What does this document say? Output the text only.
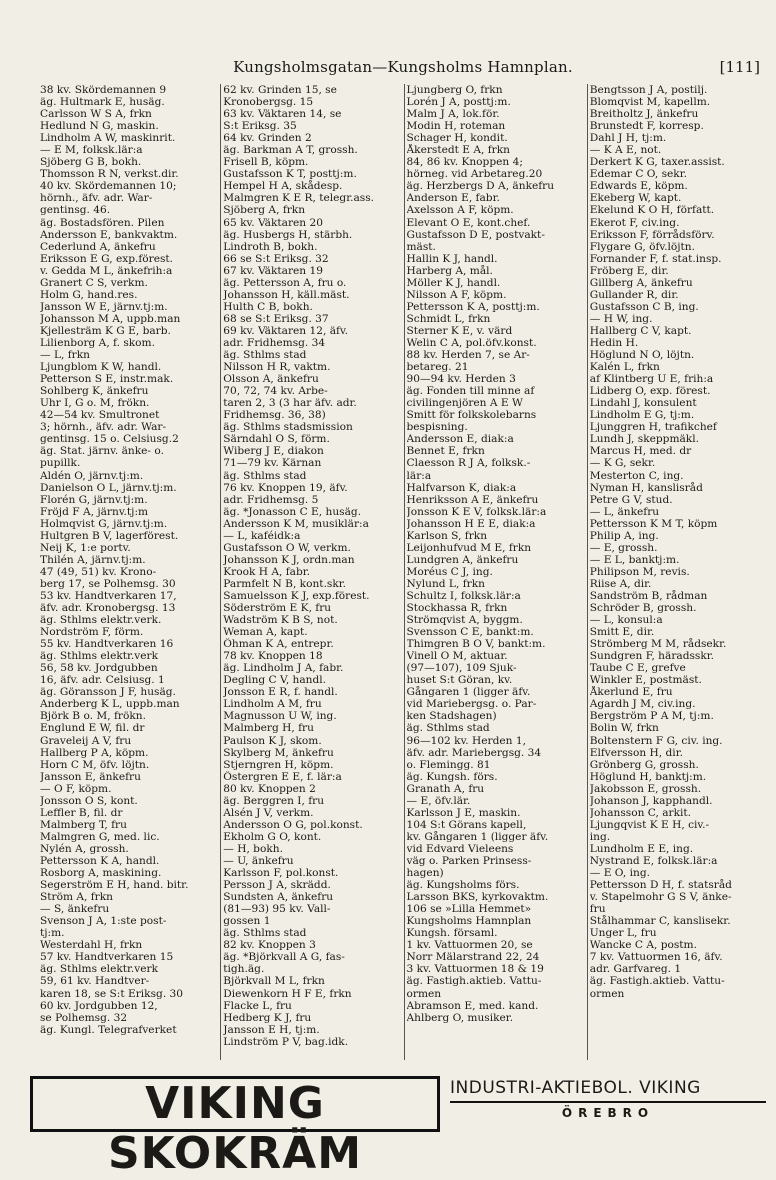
Kungsholmsgatan—Kungsholms Hamnplan.	[111]
38 kv. Skördemannen 9
äg. Hultmark E, husäg.
Carlsson W S A, frkn
Hedlund N G, maskin.
Lindholm A W, maskinrit.
— E M, folksk.lär:a
Sjöberg G B, bokh.
Thomsson R N, verkst.dir.
40 kv. Skördemannen 10;
hörnh., äfv. adr. War-
gentinsg. 46.
äg. Bostadsfören. Pilen
Andersson E, bankvaktm.
Cederlund A, änkefru
Eriksson E G, exp.förest.
v. Gedda M L, änkefrih:a
Granert C S, verkm.
Holm G, hand.res.
Jansson W E, järnv.tj:m.
Johansson M A, uppb.man
Kjellesträm K G E, barb.
Lilienborg A, f. skom.
— L, frkn
Ljungblom K W, handl.
Petterson S E, instr.mak.
Sohlberg K, änkefru
Uhr I, G o. M, frökn.
42—54 kv. Smultronet
3; hörnh., äfv. adr. War-
gentinsg. 15 o. Celsiusg.2
äg. Stat. järnv. änke- o.
pupillk.
Aldén O, järnv.tj:m.
Danielson O L, järnv.tj:m.
Florén G, järnv.tj:m.
Fröjd F A, järnv.tj:m
Holmqvist G, järnv.tj:m.
Hultgren B V, lagerförest.
Neij K, 1:e portv.
Thilén A, järnv.tj:m.
47 (49, 51) kv. Krono-
berg 17, se Polhemsg. 30
53 kv. Handtverkaren 17,
äfv. adr. Kronobergsg. 13
äg. Sthlms elektr.verk.
Nordström F, förm.
55 kv. Handtverkaren 16
äg. Sthlms elektr.verk
56, 58 kv. Jordgubben
16, äfv. adr. Celsiusg. 1
äg. Göransson J F, husäg.
Anderberg K L, uppb.man
Björk B o. M, frökn.
Englund E W, fil. dr
Graveleij A V, fru
Hallberg P A, köpm.
Horn C M, öfv. löjtn.
Jansson E, änkefru
— O F, köpm.
Jonsson O S, kont.
Leffler B, fil. dr
Malmberg T, fru
Malmgren G, med. lic.
Nylén A, grossh.
Pettersson K A, handl.
Rosborg A, maskining.
Segerström E H, hand. bitr.
Ström A, frkn
— S, änkefru
Svenson J A, 1:ste post-
tj:m.
Westerdahl H, frkn
57 kv. Handtverkaren 15
äg. Sthlms elektr.verk
59, 61 kv. Handtver-
karen 18, se S:t Eriksg. 30
60 kv. Jordgubben 12,
se Polhemsg. 32
äg. Kungl. Telegrafverket
62 kv. Grinden 15, se
Kronobergsg. 15
63 kv. Väktaren 14, se
S:t Eriksg. 35
64 kv. Grinden 2
äg. Barkman A T, grossh.
Frisell B, köpm.
Gustafsson K T, posttj:m.
Hempel H A, skådesp.
Malmgren K E R, telegr.ass.
Sjöberg A, frkn
65 kv. Väktaren 20
äg. Husbergs H, stärbh.
Lindroth B, bokh.
66 se S:t Eriksg. 32
67 kv. Väktaren 19
äg. Pettersson A, fru o.
Johansson H, käll.mäst.
Hulth C B, bokh.
68 se S:t Eriksg. 37
69 kv. Väktaren 12, äfv.
adr. Fridhemsg. 34
äg. Sthlms stad
Nilsson H R, vaktm.
Olsson A, änkefru
70, 72, 74 kv. Arbe-
taren 2, 3 (3 har äfv. adr.
Fridhemsg. 36, 38)
äg. Sthlms stadsmission
Särndahl O S, förm.
Wiberg J E, diakon
71—79 kv. Kärnan
äg. Sthlms stad
76 kv. Knoppen 19, äfv.
adr. Fridhemsg. 5
äg. *Jonasson C E, husäg.
Andersson K M, musiklär:a
— L, kaféidk:a
Gustafsson O W, verkm.
Johansson K J, ordn.man
Krook H A, fabr.
Parmfelt N B, kont.skr.
Samuelsson K J, exp.förest.
Söderström E K, fru
Wadström K B S, not.
Weman A, kapt.
Öhman K A, entrepr.
78 kv. Knoppen 18
äg. Lindholm J A, fabr.
Degling C V, handl.
Jonsson E R, f. handl.
Lindholm A M, fru
Magnusson U W, ing.
Malmberg H, fru
Paulson K J, skom.
Skylberg M, änkefru
Stjerngren H, köpm.
Östergren E E, f. lär:a
80 kv. Knoppen 2
äg. Berggren I, fru
Alsén J V, verkm.
Andersson O G, pol.konst.
Ekholm G O, kont.
— H, bokh.
— U, änkefru
Karlsson F, pol.konst.
Persson J A, skrädd.
Sundsten A, änkefru
(81—93) 95 kv. Vall-
gossen 1
äg. Sthlms stad
82 kv. Knoppen 3
äg. *Björkvall A G, fas-
tigh.äg.
Björkvall M L, frkn
Diewenkorn H F E, frkn
Flacke L, fru
Hedberg K J, fru
Jansson E H, tj:m.
Lindström P V, bag.idk.
Ljungberg O, frkn
Lorén J A, posttj:m.
Malm J A, lok.för.
Modin H, roteman
Schager H, kondit.
Åkerstedt E A, frkn
84, 86 kv. Knoppen 4;
hörneg. vid Arbetareg.20
äg. Herzbergs D A, änkefru
Anderson E, fabr.
Axelsson A F, köpm.
Elevant O E, kont.chef.
Gustafsson D E, postvakt-
mäst.
Hallin K J, handl.
Harberg A, mål.
Möller K J, handl.
Nilsson A F, köpm.
Pettersson K A, posttj:m.
Schmidt L, frkn
Sterner K E, v. värd
Welin C A, pol.öfv.konst.
88 kv. Herden 7, se Ar-
betareg. 21
90—94 kv. Herden 3
äg. Fonden till minne af
civilingenjören A E W
Smitt för folkskolebarns
bespisning.
Andersson E, diak:a
Bennet E, frkn
Claesson R J A, folksk.-
lär:a
Halfvarson K, diak:a
Henriksson A E, änkefru
Jonsson K E V, folksk.lär:a
Johansson H E E, diak:a
Karlson S, frkn
Leijonhufvud M E, frkn
Lundgren A, änkefru
Moréus C J, ing.
Nylund L, frkn
Schultz I, folksk.lär:a
Stockhassa R, frkn
Strömqvist A, byggm.
Svensson C E, bankt:m.
Thimgren B O V, bankt:m.
Vinell O M, aktuar.
(97—107), 109 Sjuk-
huset S:t Göran, kv.
Gångaren 1 (ligger äfv.
vid Mariebergsg. o. Par-
ken Stadshagen)
äg. Sthlms stad
96—102 kv. Herden 1,
äfv. adr. Mariebergsg. 34
o. Flemingg. 81
äg. Kungsh. förs.
Granath A, fru
— E, öfv.lär.
Karlsson J E, maskin.
104 S:t Görans kapell,
kv. Gångaren 1 (ligger äfv.
vid Edvard Vieleens
väg o. Parken Prinsess-
hagen)
äg. Kungsholms förs.
Larsson BKS, kyrkovaktm.
106 se »Lilla Hemmet»
Kungsholms Hamnplan
Kungsh. församl.
1 kv. Vattuormen 20, se
Norr Mälarstrand 22, 24
3 kv. Vattuormen 18 & 19
äg. Fastigh.aktieb. Vattu-
ormen
Abramson E, med. kand.
Ahlberg O, musiker.
Bengtsson J A, postilj.
Blomqvist M, kapellm.
Breitholtz J, änkefru
Brunstedt F, korresp.
Dahl J H, tj:m.
— K A E, not.
Derkert K G, taxer.assist.
Edemar C O, sekr.
Edwards E, köpm.
Ekeberg W, kapt.
Ekelund K O H, författ.
Ekerot F, civ.ing.
Eriksson F, förrådsförv.
Flygare G, öfv.löjtn.
Fornander F, f. stat.insp.
Fröberg E, dir.
Gillberg A, änkefru
Gullander R, dir.
Gustafsson C B, ing.
— H W, ing.
Hallberg C V, kapt.
Hedin H.
Höglund N O, löjtn.
Kalén L, frkn
af Klintberg U E, frih:a
Lidberg O, exp. förest.
Lindahl J, konsulent
Lindholm E G, tj:m.
Ljunggren H, trafikchef
Lundh J, skeppmäkl.
Marcus H, med. dr
— K G, sekr.
Mesterton C, ing.
Nyman H, kanslisråd
Petre G V, stud.
— L, änkefru
Pettersson K M T, köpm
Philip A, ing.
— E, grossh.
— E L, banktj:m.
Philipson M, revis.
Riise A, dir.
Sandström B, rådman
Schröder B, grossh.
— L, konsul:a
Smitt E, dir.
Strömberg M M, rådsekr.
Sundgren F, häradsskr.
Taube C E, grefve
Winkler E, postmäst.
Åkerlund E, fru
Agardh J M, civ.ing.
Bergström P A M, tj:m.
Bolin W, frkn
Boltenstern F G, civ. ing.
Elfversson H, dir.
Grönberg G, grossh.
Höglund H, banktj:m.
Jakobsson E, grossh.
Johanson J, kapphandl.
Johansson C, arkit.
Ljungqvist K E H, civ.-
ing.
Lundholm E E, ing.
Nystrand E, folksk.lär:a
— E O, ing.
Pettersson D H, f. statsråd
v. Stapelmohr G S V, änke-
fru
Stålhammar C, kanslisekr.
Unger L, fru
Wancke C A, postm.
7 kv. Vattuormen 16, äfv.
adr. Garfvareg. 1
äg. Fastigh.aktieb. Vattu-
ormen
VIKING SKOKRÄM
INDUSTRI-AKTIEBOL. VIKING
ÖREBRO
